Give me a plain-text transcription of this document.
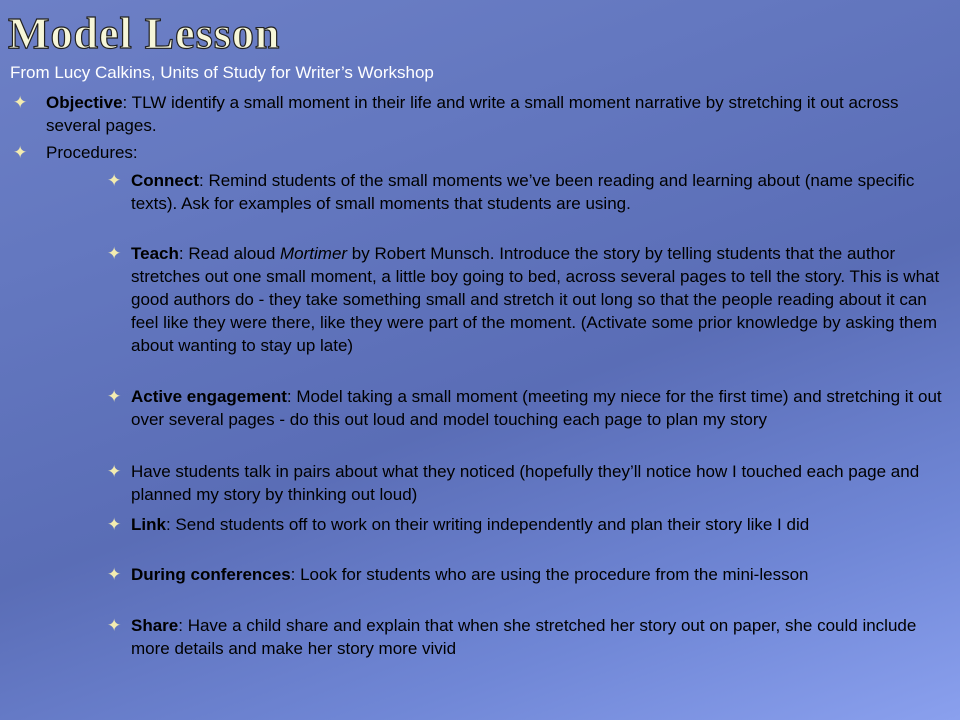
Model Lesson
From Lucy Calkins, Units of Study for Writer’s Workshop
✦ Objective: TLW identify a small moment in their life and write a small moment narrative by stretching it out across several pages.
✦ Procedures:
✦ Connect: Remind students of the small moments we’ve been reading and learning about (name specific texts). Ask for examples of small moments that students are using.
✦ Teach: Read aloud Mortimer by Robert Munsch. Introduce the story by telling students that the author stretches out one small moment, a little boy going to bed, across several pages to tell the story. This is what good authors do - they take something small and stretch it out long so that the people reading about it can feel like they were there, like they were part of the moment. (Activate some prior knowledge by asking them about wanting to stay up late)
✦ Active engagement: Model taking a small moment (meeting my niece for the first time) and stretching it out over several pages - do this out loud and model touching each page to plan my story
✦ Have students talk in pairs about what they noticed (hopefully they’ll notice how I touched each page and planned my story by thinking out loud)
✦ Link: Send students off to work on their writing independently and plan their story like I did
✦ During conferences: Look for students who are using the procedure from the mini-lesson
✦ Share: Have a child share and explain that when she stretched her story out on paper, she could include more details and make her story more vivid
